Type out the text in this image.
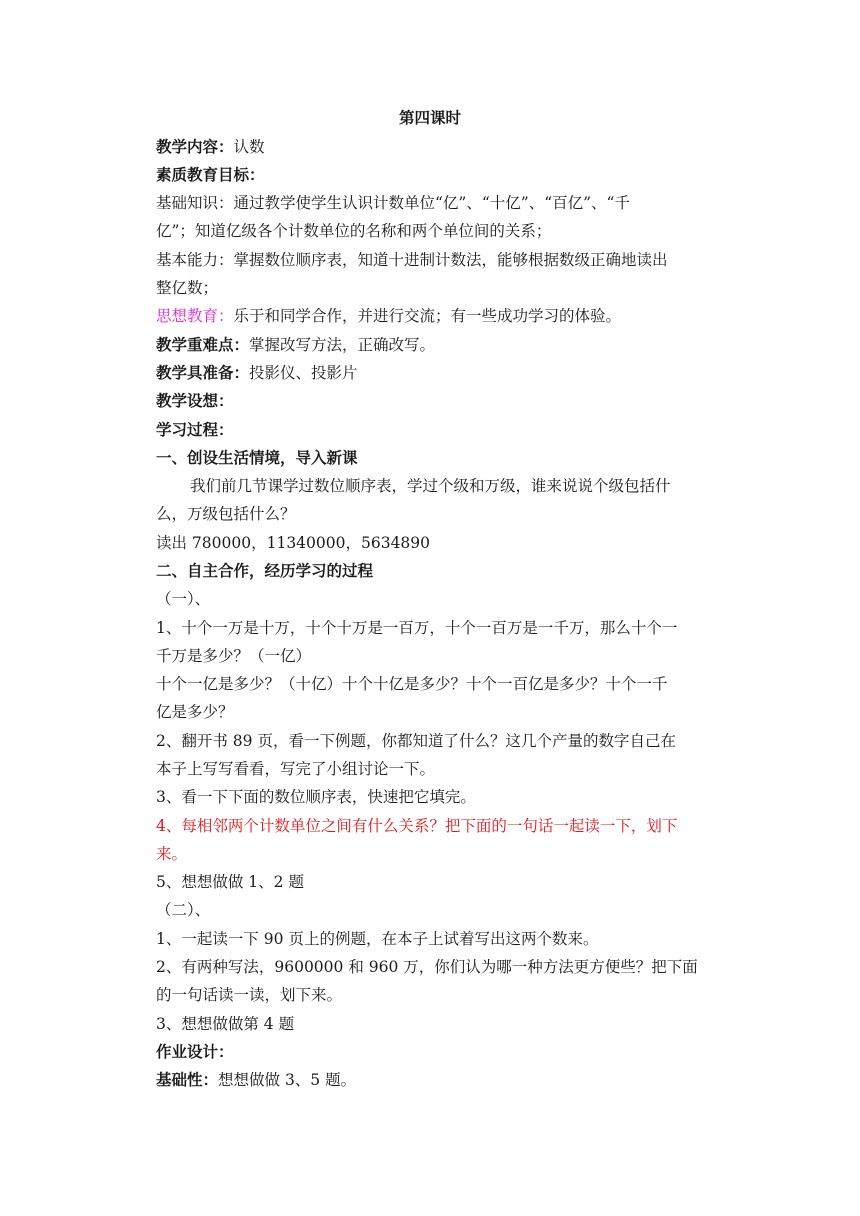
第四课时
教学内容：认数
素质教育目标：
基础知识：通过教学使学生认识计数单位“亿”、“十亿”、“百亿”、“千
亿”；知道亿级各个计数单位的名称和两个单位间的关系；
基本能力：掌握数位顺序表，知道十进制计数法，能够根据数级正确地读出
整亿数；
思想教育：乐于和同学合作，并进行交流；有一些成功学习的体验。
教学重难点：掌握改写方法，正确改写。
教学具准备：投影仪、投影片
教学设想：
学习过程：
一、创设生活情境，导入新课
我们前几节课学过数位顺序表，学过个级和万级，谁来说说个级包括什
么，万级包括什么？
读出 780000，11340000，5634890
二、自主合作，经历学习的过程
（一）、
1、十个一万是十万，十个十万是一百万，十个一百万是一千万，那么十个一
千万是多少？（一亿）
十个一亿是多少？（十亿）十个十亿是多少？十个一百亿是多少？十个一千
亿是多少？
2、翻开书 89 页，看一下例题，你都知道了什么？这几个产量的数字自己在
本子上写写看看，写完了小组讨论一下。
3、看一下下面的数位顺序表，快速把它填完。
4、每相邻两个计数单位之间有什么关系？把下面的一句话一起读一下，划下
来。
5、想想做做 1、2 题
（二）、
1、一起读一下 90 页上的例题，在本子上试着写出这两个数来。
2、有两种写法，9600000 和 960 万，你们认为哪一种方法更方便些？把下面
的一句话读一读，划下来。
3、想想做做第 4 题
作业设计：
基础性：想想做做 3、5 题。
